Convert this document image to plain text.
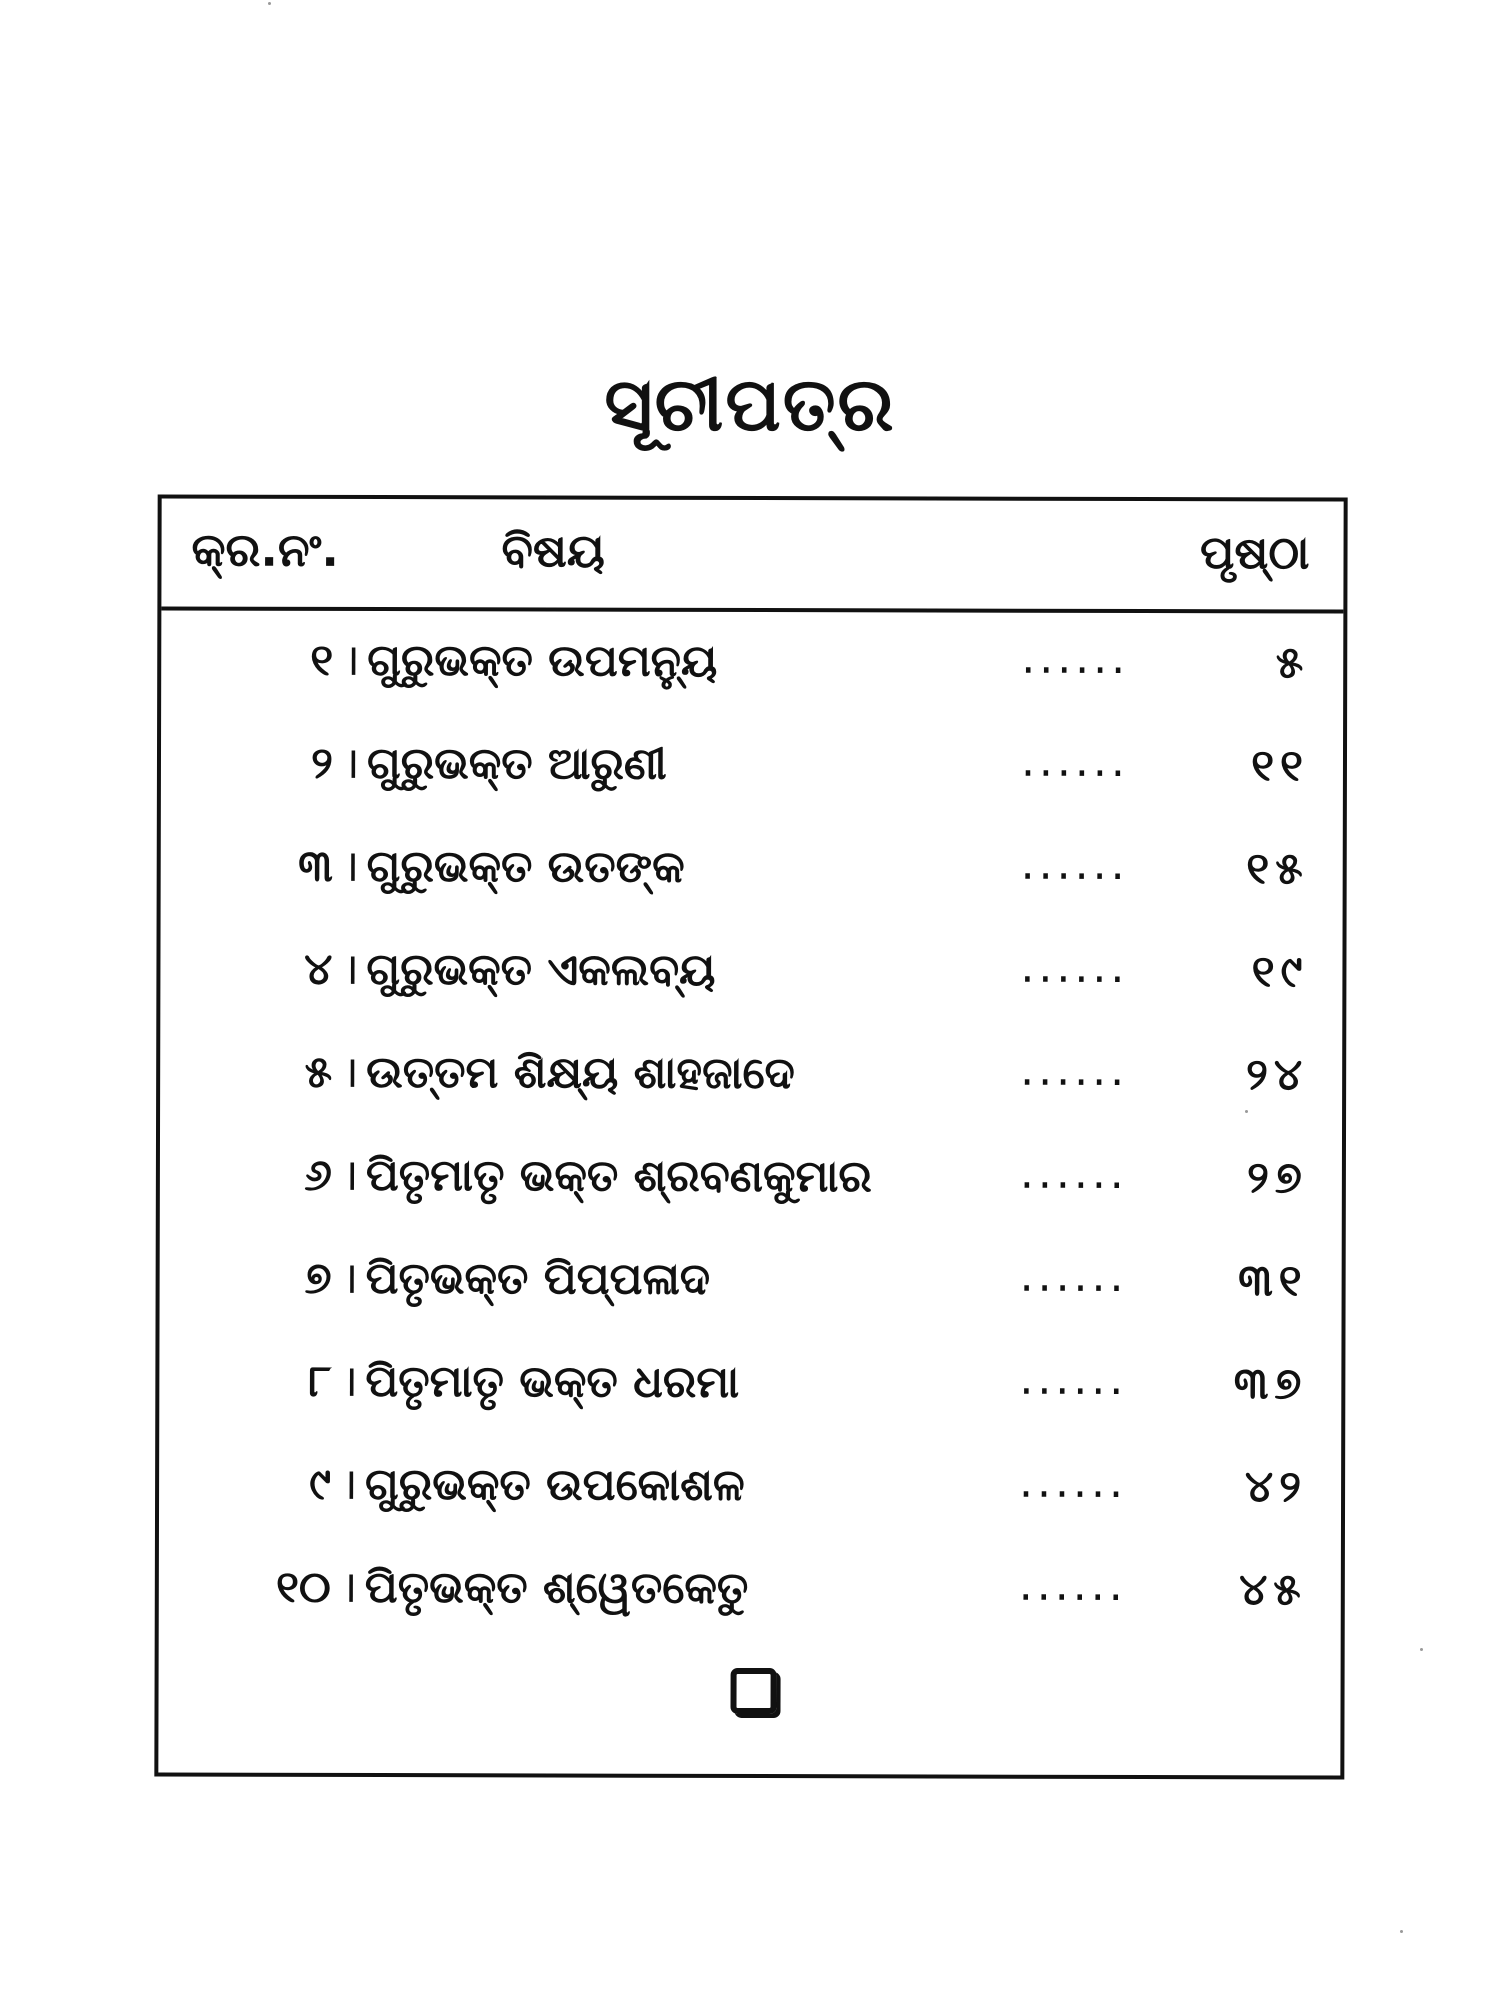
ସୂଚୀପତ୍ର
କ୍ର.ନଂ.	ବିଷୟ	ପୃଷ୍ଠା
୧ । ଗୁରୁଭକ୍ତ ଉପମନ୍ୟୁ	......	୫
୨ । ଗୁରୁଭକ୍ତ ଆରୁଣୀ	......	୧୧
୩ । ଗୁରୁଭକ୍ତ ଉତଙ୍କ	......	୧୫
୪ । ଗୁରୁଭକ୍ତ ଏକଲବ୍ୟ	......	୧୯
୫ । ଉତ୍ତମ ଶିକ୍ଷ୍ୟ ଶାହଜାଦେ	......	୨୪
୬ । ପିତୃମାତୃ ଭକ୍ତ ଶ୍ରବଣକୁମାର	......	୨୭
୭ । ପିତୃଭକ୍ତ ପିପ୍ପଳାଦ	......	୩୧
୮ । ପିତୃମାତୃ ଭକ୍ତ ଧରମା	...... ୩୭
୯ । ଗୁରୁଭକ୍ତ ଉପକୋଶଳ	......	୪୨
୧୦ । ପିତୃଭକ୍ତ ଶ୍ୱେତକେତୁ	......	୪୫
